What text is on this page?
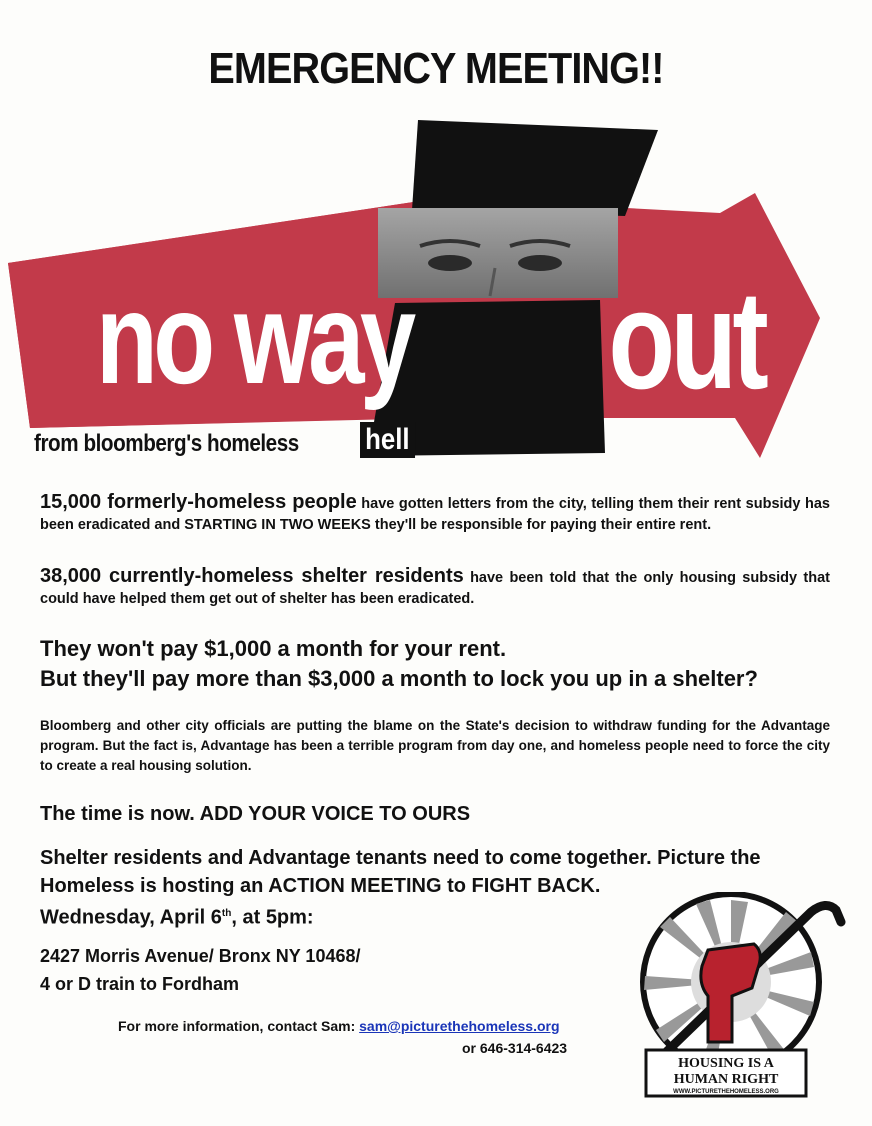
EMERGENCY MEETING!!
no way out
from bloomberg's homeless hell
15,000 formerly-homeless people have gotten letters from the city, telling them their rent subsidy has been eradicated and STARTING IN TWO WEEKS they'll be responsible for paying their entire rent.
38,000 currently-homeless shelter residents have been told that the only housing subsidy that could have helped them get out of shelter has been eradicated.
They won't pay $1,000 a month for your rent.
But they'll pay more than $3,000 a month to lock you up in a shelter?
Bloomberg and other city officials are putting the blame on the State's decision to withdraw funding for the Advantage program. But the fact is, Advantage has been a terrible program from day one, and homeless people need to force the city to create a real housing solution.
The time is now. ADD YOUR VOICE TO OURS
Shelter residents and Advantage tenants need to come together. Picture the
Homeless is hosting an ACTION MEETING to FIGHT BACK.
Wednesday, April 6th, at 5pm:
2427 Morris Avenue/ Bronx NY 10468/
4 or D train to Fordham
For more information, contact Sam: sam@picturethehomeless.org
or 646-314-6423
HOUSING IS A
HUMAN RIGHT
WWW.PICTURETHEHOMELESS.ORG
